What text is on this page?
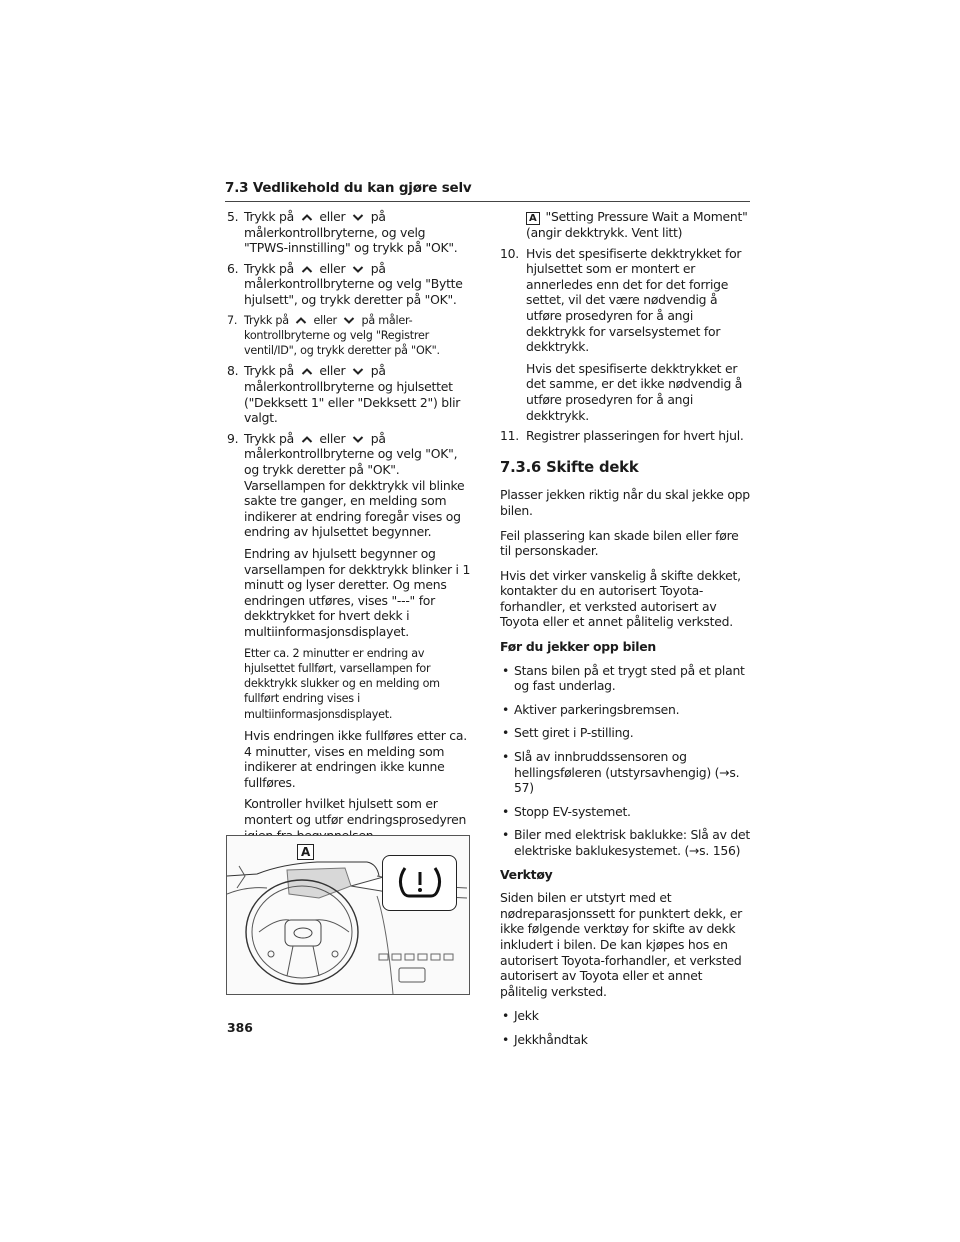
7.3 Vedlikehold du kan gjøre selv
5. Trykk på eller på
målerkontrollbryterne, og velg "TPWS-innstilling" og trykk på "OK".
6. Trykk på eller på
målerkontrollbryterne og velg "Bytte hjulsett", og trykk deretter på "OK".
7. Trykk på eller på måler-
kontrollbryterne og velg "Registrer ventil/ID", og trykk deretter på "OK".
8. Trykk på eller på
målerkontrollbryterne og hjulsettet ("Dekksett 1" eller "Dekksett 2") blir valgt.
9. Trykk på eller på
målerkontrollbryterne og velg "OK", og trykk deretter på "OK". Varsellampen for dekktrykk vil blinke sakte tre ganger, en melding som indikerer at endring foregår vises og endring av hjulsettet begynner.
Endring av hjulsett begynner og varsellampen for dekktrykk blinker i 1 minutt og lyser deretter. Og mens endringen utføres, vises "---" for dekktrykket for hvert dekk i multiinformasjonsdisplayet.
Etter ca. 2 minutter er endring av hjulsettet fullført, varsellampen for dekktrykk slukker og en melding om fullført endring vises i multiinformasjonsdisplayet.
Hvis endringen ikke fullføres etter ca. 4 minutter, vises en melding som indikerer at endringen ikke kunne fullføres.
Kontroller hvilket hjulsett som er montert og utfør endringsprosedyren
A
A "Setting Pressure Wait a Moment" (angir dekktrykk. Vent litt)
10. Hvis det spesifiserte dekktrykket for hjulsettet som er montert er annerledes enn det for det forrige settet, vil det være nødvendig å utføre prosedyren for å angi dekktrykk for varselsystemet for dekktrykk.
Hvis det spesifiserte dekktrykket er det samme, er det ikke nødvendig å utføre prosedyren for å angi dekktrykk.
11. Registrer plasseringen for hvert hjul.
7.3.6 Skifte dekk

Plasser jekken riktig når du skal jekke opp bilen.

Feil plassering kan skade bilen eller føre til personskader.

Hvis det virker vanskelig å skifte dekket, kontakter du en autorisert Toyota-forhandler, et verksted autorisert av Toyota eller et annet pålitelig verksted.

Før du jekker opp bilen
• Stans bilen på et trygt sted på et plant og fast underlag.
• Aktiver parkeringsbremsen.
• Sett giret i P-stilling.
• Slå av innbruddssensoren og hellingsføleren (utstyrsavhengig) (→s. 57)
• Stopp EV-systemet.
• Biler med elektrisk baklukke: Slå av det elektriske baklukesystemet. (→s. 156)
Verktøy

Siden bilen er utstyrt med et nødreparasjonssett for punktert dekk, er ikke følgende verktøy for skifte av dekk inkludert i bilen. De kan kjøpes hos en autorisert Toyota-forhandler, et verksted autorisert av Toyota eller et annet pålitelig verksted.

• Jekk
• Jekkhåndtak
386
